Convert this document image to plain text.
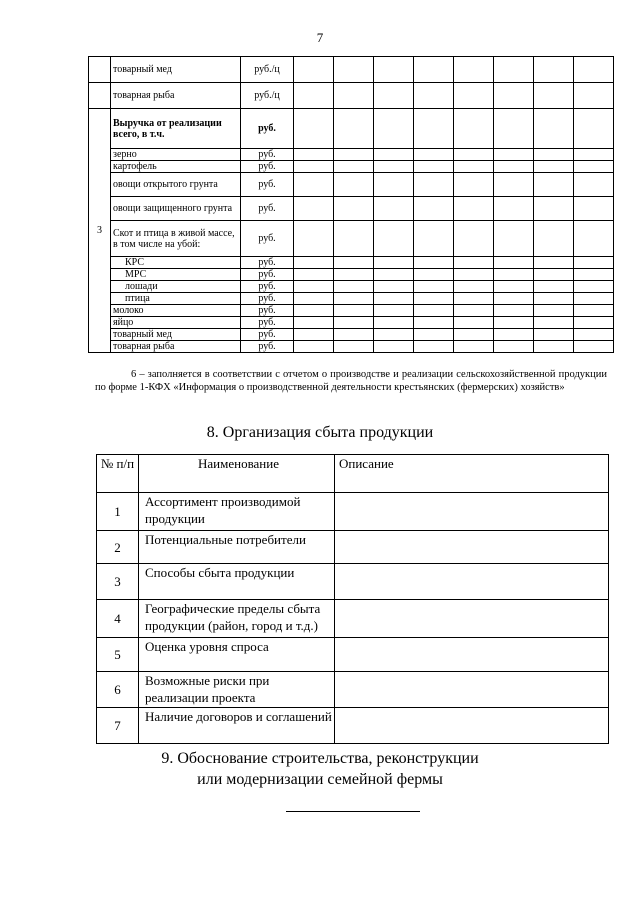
7
	товарный мед	руб./ц								
	товарная рыба	руб./ц								
3	Выручка от реализации всего, в т.ч.	руб.								
	зерно	руб.								
	картофель	руб.								
	овощи открытого грунта	руб.								
	овощи защищенного грунта	руб.								
	Скот и птица в живой массе, в том числе на убой:	руб.								
	КРС	руб.								
	МРС	руб.								
	лошади	руб.								
	птица	руб.								
	молоко	руб.								
	яйцо	руб.								
	товарный мед	руб.								
	товарная рыба	руб.								

6 – заполняется в соответствии с отчетом о производстве и реализации сельскохозяйственной продукции по форме 1-КФХ «Информация о производственной деятельности крестьянских (фермерских) хозяйств»

8. Организация сбыта продукции
№ п/п	Наименование	Описание
1	Ассортимент производимой продукции	
2	Потенциальные потребители	
3	Способы сбыта продукции	
4	Географические пределы сбыта продукции (район, город и т.д.)	
5	Оценка уровня спроса	
6	Возможные риски при реализации проекта	
7	Наличие договоров и соглашений	
9. Обоснование строительства, реконструкции
или модернизации семейной фермы
